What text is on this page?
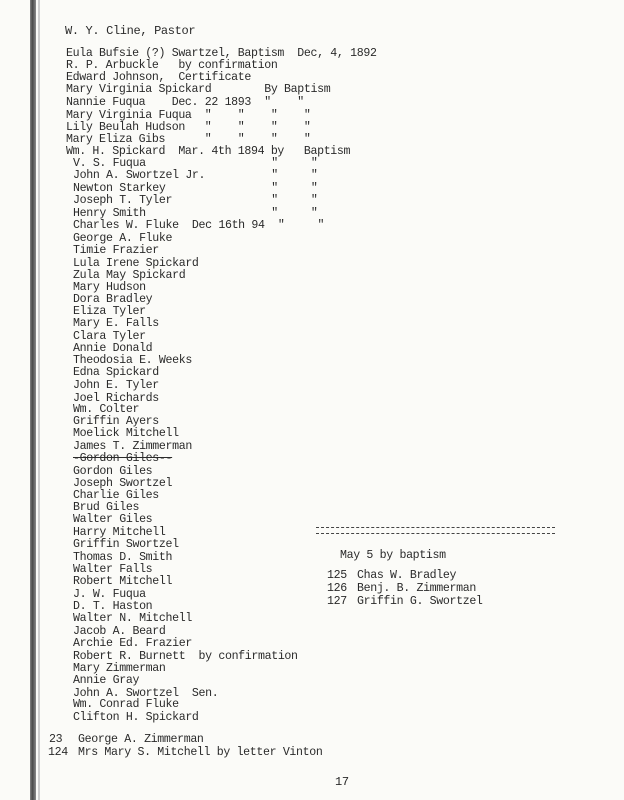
W. Y. Cline, Pastor
Eula Bufsie (?) Swartzel, Baptism  Dec, 4, 1892
R. P. Arbuckle   by confirmation
Edward Johnson,  Certificate
Mary Virginia Spickard        By Baptism
Nannie Fuqua    Dec. 22 1893  "    "
Mary Virginia Fuqua  "    "    "    "
Lily Beulah Hudson   "    "    "    "
Mary Eliza Gibs      "    "    "    "
Wm. H. Spickard  Mar. 4th 1894 by   Baptism
V. S. Fuqua                   "     "
John A. Swortzel Jr.          "     "
Newton Starkey                "     "
Joseph T. Tyler               "     "
Henry Smith                   "     "
Charles W. Fluke  Dec 16th 94  "     "
George A. Fluke
Timie Frazier
Lula Irene Spickard
Zula May Spickard
Mary Hudson
Dora Bradley
Eliza Tyler
Mary E. Falls
Clara Tyler
Annie Donald
Theodosia E. Weeks
Edna Spickard
John E. Tyler
Joel Richards
Wm. Colter
Griffin Ayers
Moelick Mitchell
James T. Zimmerman
-Gordon Giles--
Gordon Giles
Joseph Swortzel
Charlie Giles
Brud Giles
Walter Giles
Harry Mitchell
Griffin Swortzel
Thomas D. Smith
Walter Falls
Robert Mitchell
J. W. Fuqua
D. T. Haston
Walter N. Mitchell
Jacob A. Beard
Archie Ed. Frazier
Robert R. Burnett  by confirmation
Mary Zimmerman
Annie Gray
John A. Swortzel  Sen.
Wm. Conrad Fluke
Clifton H. Spickard
23 George A. Zimmerman
124 Mrs Mary S. Mitchell by letter Vinton
May 5 by baptism
125 Chas W. Bradley
126 Benj. B. Zimmerman
127 Griffin G. Swortzel
17
